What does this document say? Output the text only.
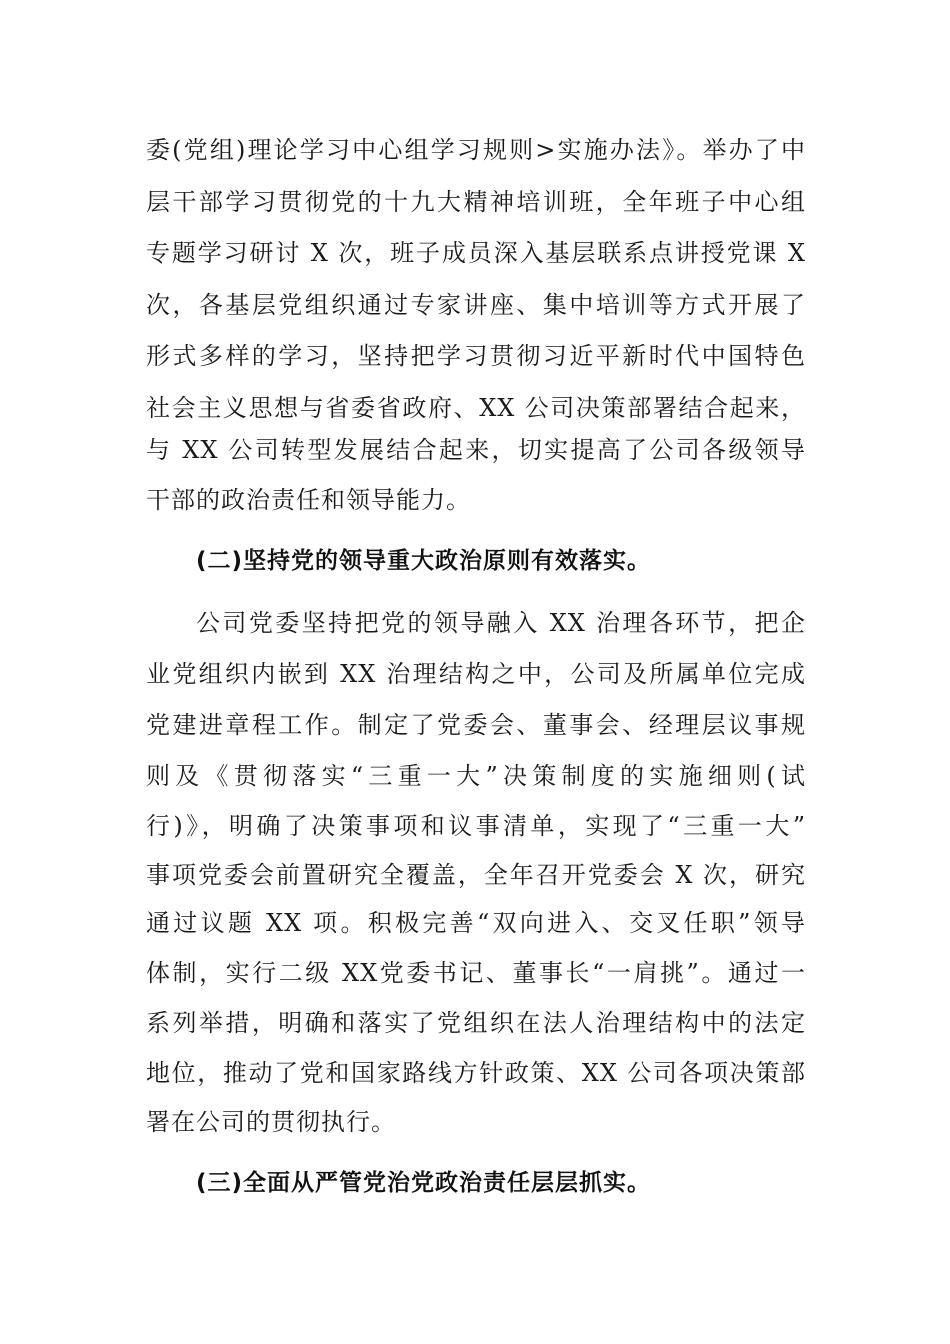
委(党组)理论学习中心组学习规则>实施办法》。举办了中

层干部学习贯彻党的十九大精神培训班，全年班子中心组

专题学习研讨 X 次，班子成员深入基层联系点讲授党课 X

次，各基层党组织通过专家讲座、集中培训等方式开展了

形式多样的学习，坚持把学习贯彻习近平新时代中国特色

社会主义思想与省委省政府、XX 公司决策部署结合起来，

与 XX 公司转型发展结合起来，切实提高了公司各级领导

干部的政治责任和领导能力。

(二)坚持党的领导重大政治原则有效落实。

公司党委坚持把党的领导融入 XX 治理各环节，把企

业党组织内嵌到 XX 治理结构之中，公司及所属单位完成

党建进章程工作。制定了党委会、董事会、经理层议事规

则及《贯彻落实“三重一大”决策制度的实施细则(试

行)》，明确了决策事项和议事清单，实现了“三重一大”

事项党委会前置研究全覆盖，全年召开党委会 X 次，研究

通过议题 XX 项。积极完善“双向进入、交叉任职”领导

体制，实行二级 XX党委书记、董事长“一肩挑”。通过一

系列举措，明确和落实了党组织在法人治理结构中的法定

地位，推动了党和国家路线方针政策、XX 公司各项决策部

署在公司的贯彻执行。

(三)全面从严管党治党政治责任层层抓实。
